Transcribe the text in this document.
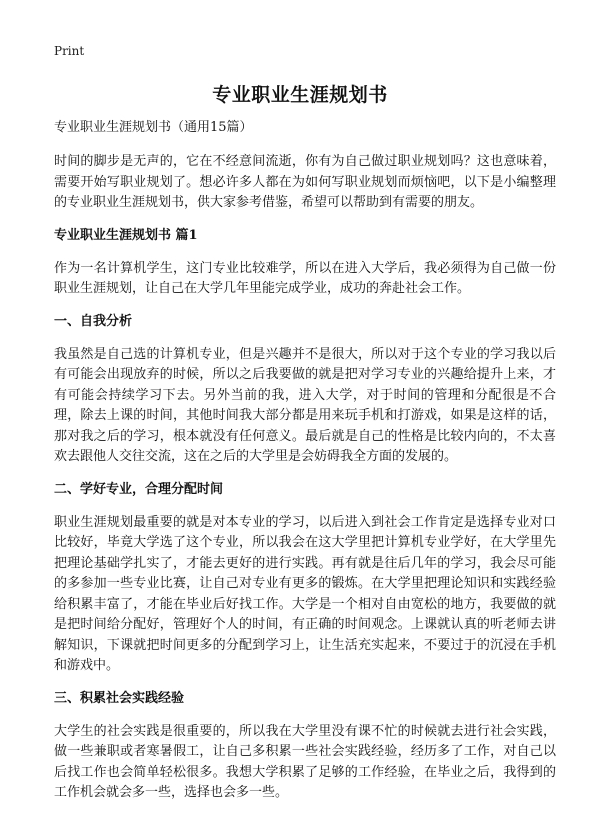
Print
专业职业生涯规划书
专业职业生涯规划书（通用15篇）

时间的脚步是无声的，它在不经意间流逝，你有为自己做过职业规划吗？这也意味着，需要开始写职业规划了。想必许多人都在为如何写职业规划而烦恼吧，以下是小编整理的专业职业生涯规划书，供大家参考借鉴，希望可以帮助到有需要的朋友。

专业职业生涯规划书 篇1

作为一名计算机学生，这门专业比较难学，所以在进入大学后，我必须得为自己做一份职业生涯规划，让自己在大学几年里能完成学业，成功的奔赴社会工作。

一、自我分析

我虽然是自己选的计算机专业，但是兴趣并不是很大，所以对于这个专业的学习我以后有可能会出现放弃的时候，所以之后我要做的就是把对学习专业的兴趣给提升上来，才有可能会持续学习下去。另外当前的我，进入大学，对于时间的管理和分配很是不合理，除去上课的时间，其他时间我大部分都是用来玩手机和打游戏，如果是这样的话，那对我之后的学习，根本就没有任何意义。最后就是自己的性格是比较内向的，不太喜欢去跟他人交往交流，这在之后的大学里是会妨碍我全方面的发展的。

二、学好专业，合理分配时间

职业生涯规划最重要的就是对本专业的学习，以后进入到社会工作肯定是选择专业对口比较好，毕竟大学选了这个专业，所以我会在这大学里把计算机专业学好，在大学里先把理论基础学扎实了，才能去更好的进行实践。再有就是往后几年的学习，我会尽可能的多参加一些专业比赛，让自己对专业有更多的锻炼。在大学里把理论知识和实践经验给积累丰富了，才能在毕业后好找工作。大学是一个相对自由宽松的地方，我要做的就是把时间给分配好，管理好个人的时间，有正确的时间观念。上课就认真的听老师去讲解知识，下课就把时间更多的分配到学习上，让生活充实起来，不要过于的沉浸在手机和游戏中。

三、积累社会实践经验

大学生的社会实践是很重要的，所以我在大学里没有课不忙的时候就去进行社会实践，做一些兼职或者寒暑假工，让自己多积累一些社会实践经验，经历多了工作，对自己以后找工作也会简单轻松很多。我想大学积累了足够的工作经验，在毕业之后，我得到的工作机会就会多一些，选择也会多一些。
